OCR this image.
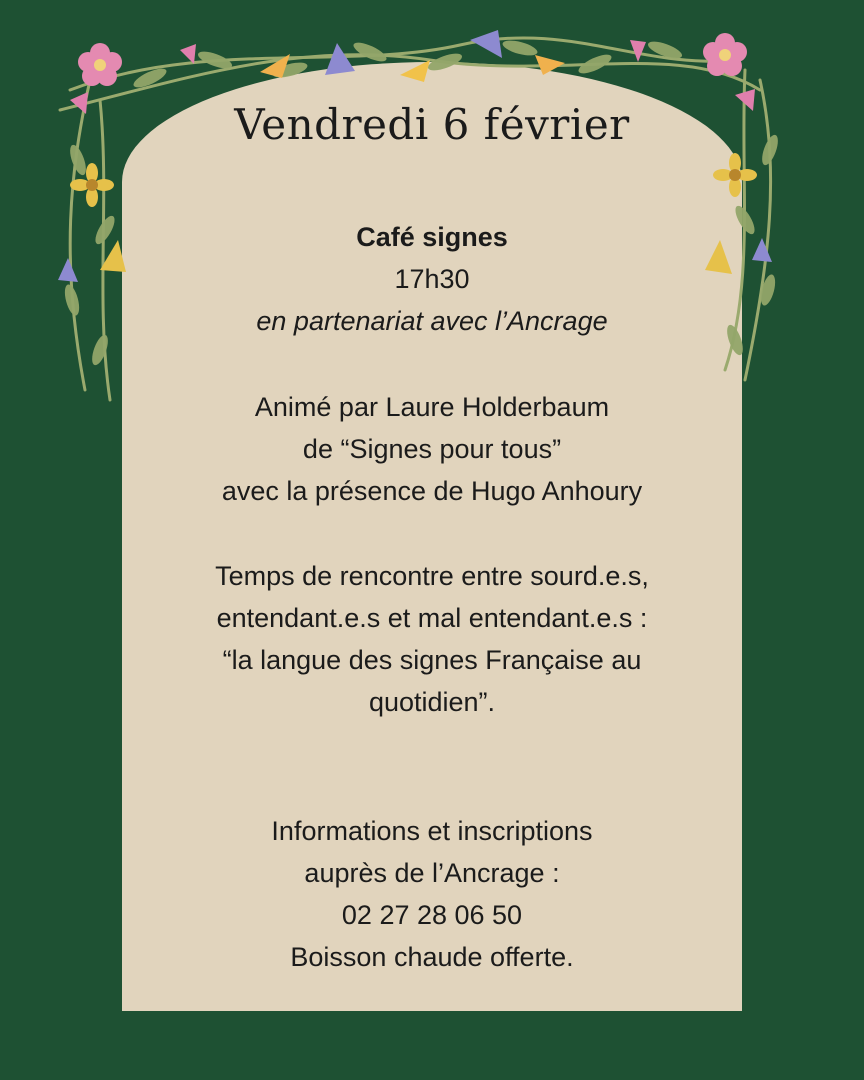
Vendredi 6 février
Café signes
17h30
en partenariat avec l’Ancrage
Animé par Laure Holderbaum
de “Signes pour tous”
avec la présence de Hugo Anhoury
Temps de rencontre entre sourd.e.s,
entendant.e.s et mal entendant.e.s :
“la langue des signes Française au
quotidien”.
Informations et inscriptions
auprès de l’Ancrage :
02 27 28 06 50
Boisson chaude offerte.
